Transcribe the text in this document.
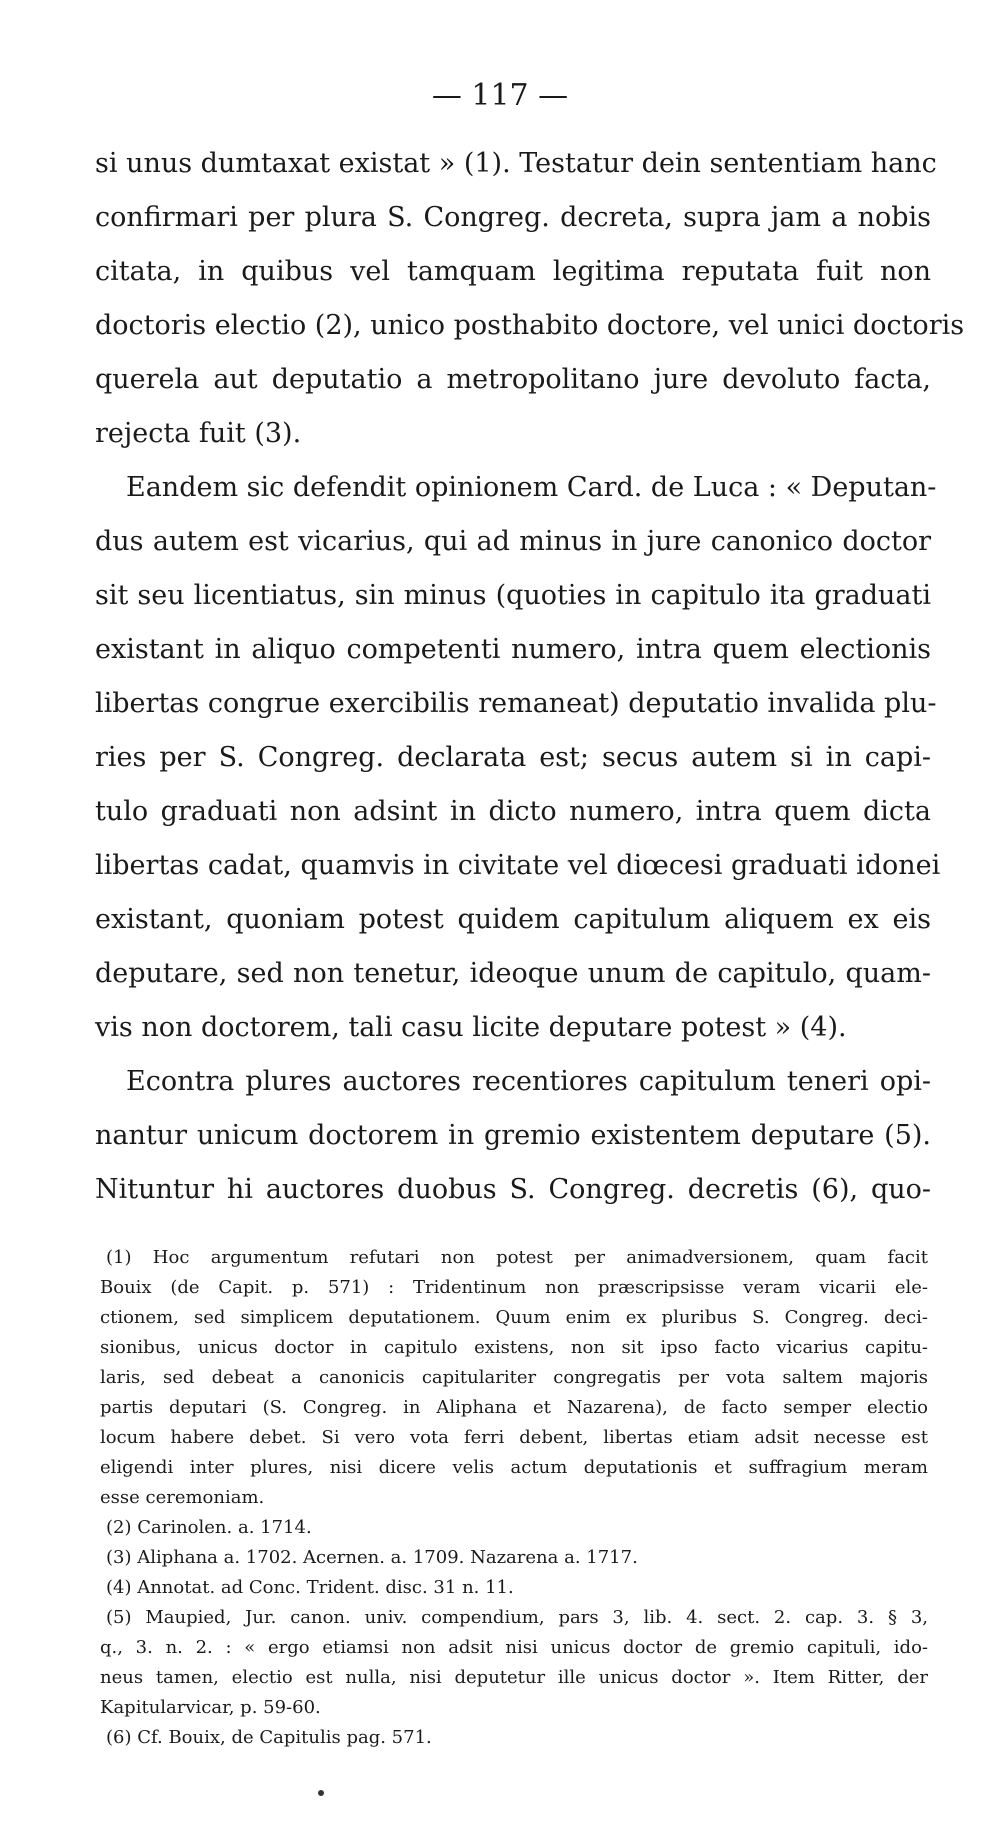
— 117 —
si unus dumtaxat existat » (1). Testatur dein sententiam hanc
confirmari per plura S. Congreg. decreta, supra jam a nobis
citata, in quibus vel tamquam legitima reputata fuit non
doctoris electio (2), unico posthabito doctore, vel unici doctoris
querela aut deputatio a metropolitano jure devoluto facta,
rejecta fuit (3).
Eandem sic defendit opinionem Card. de Luca : « Deputan-
dus autem est vicarius, qui ad minus in jure canonico doctor
sit seu licentiatus, sin minus (quoties in capitulo ita graduati
existant in aliquo competenti numero, intra quem electionis
libertas congrue exercibilis remaneat) deputatio invalida plu-
ries per S. Congreg. declarata est; secus autem si in capi-
tulo graduati non adsint in dicto numero, intra quem dicta
libertas cadat, quamvis in civitate vel diœcesi graduati idonei
existant, quoniam potest quidem capitulum aliquem ex eis
deputare, sed non tenetur, ideoque unum de capitulo, quam-
vis non doctorem, tali casu licite deputare potest » (4).
Econtra plures auctores recentiores capitulum teneri opi-
nantur unicum doctorem in gremio existentem deputare (5).
Nituntur hi auctores duobus S. Congreg. decretis (6), quo-
(1) Hoc argumentum refutari non potest per animadversionem, quam facit
Bouix (de Capit. p. 571) : Tridentinum non præscripsisse veram vicarii ele-
ctionem, sed simplicem deputationem. Quum enim ex pluribus S. Congreg. deci-
sionibus, unicus doctor in capitulo existens, non sit ipso facto vicarius capitu-
laris, sed debeat a canonicis capitulariter congregatis per vota saltem majoris
partis deputari (S. Congreg. in Aliphana et Nazarena), de facto semper electio
locum habere debet. Si vero vota ferri debent, libertas etiam adsit necesse est
eligendi inter plures, nisi dicere velis actum deputationis et suffragium meram
esse ceremoniam.
(2) Carinolen. a. 1714.
(3) Aliphana a. 1702. Acernen. a. 1709. Nazarena a. 1717.
(4) Annotat. ad Conc. Trident. disc. 31 n. 11.
(5) Maupied, Jur. canon. univ. compendium, pars 3, lib. 4. sect. 2. cap. 3. § 3,
q., 3. n. 2. : « ergo etiamsi non adsit nisi unicus doctor de gremio capituli, ido-
neus tamen, electio est nulla, nisi deputetur ille unicus doctor ». Item Ritter, der
Kapitularvicar, p. 59-60.
(6) Cf. Bouix, de Capitulis pag. 571.
